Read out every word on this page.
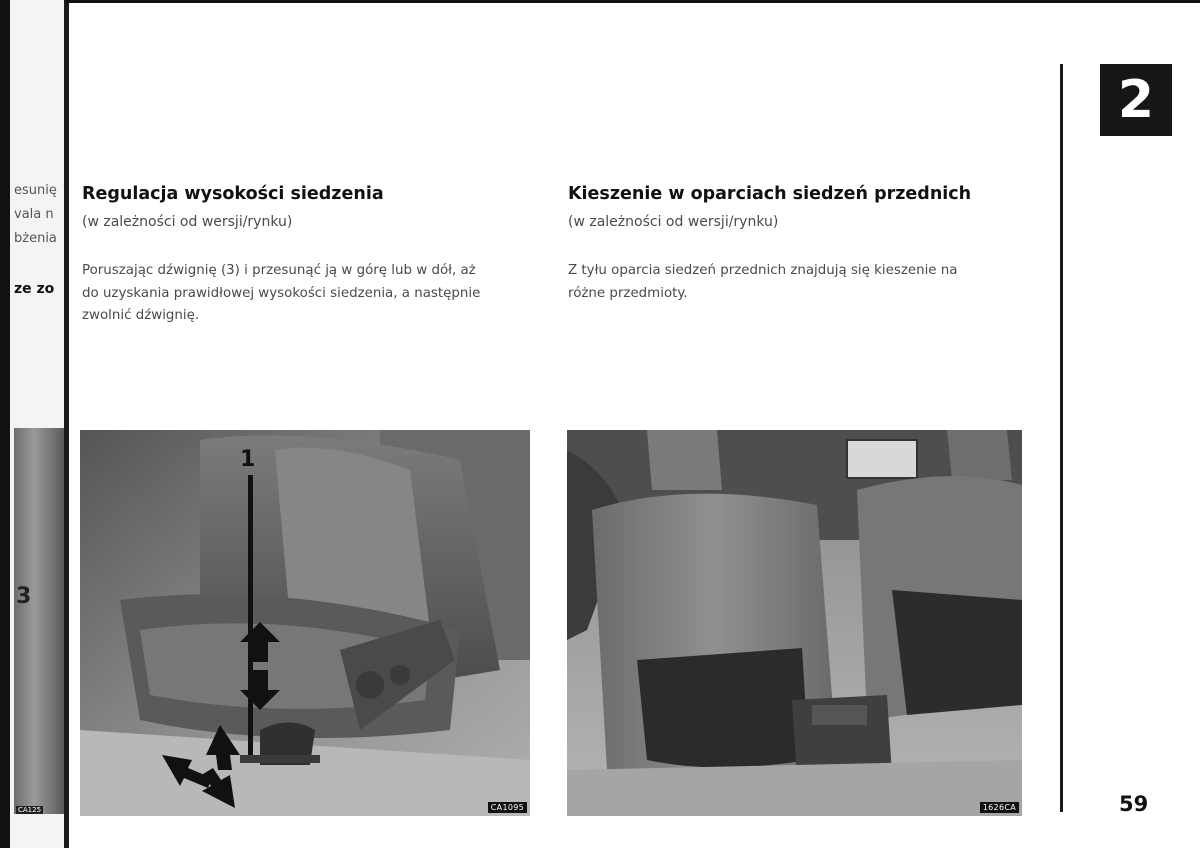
esunię
vala n
bżenia
ze zo
3
CA125
2
Regulacja wysokości siedzenia
(w zależności od wersji/rynku)
Poruszając dźwignię (3) i przesunąć ją w górę lub w dół, aż
do uzyskania prawidłowej wysokości siedzenia, a następnie
zwolnić dźwignię.
Kieszenie w oparciach siedzeń przednich
(w zależności od wersji/rynku)
Z tyłu oparcia siedzeń przednich znajdują się kieszenie na
różne przedmioty.
1
CA1095	1626CA	59
